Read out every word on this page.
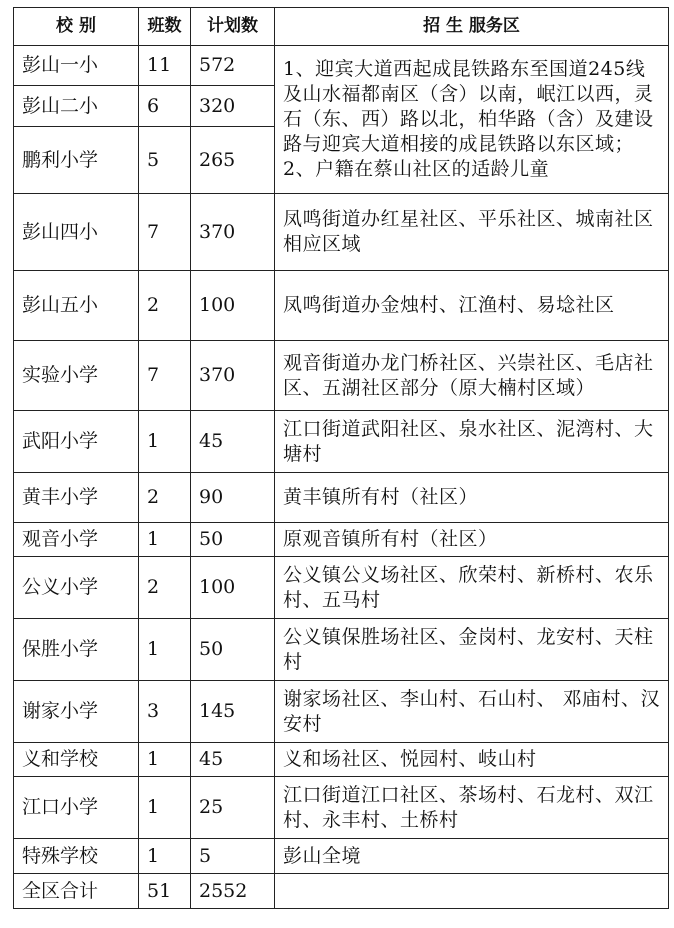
校 别	班数	计划数	招 生 服务区
彭山一小	11	572	1、迎宾大道西起成昆铁路东至国道245线及山水福都南区（含）以南，岷江以西，灵石（东、西）路以北，柏华路（含）及建设路与迎宾大道相接的成昆铁路以东区域；2、户籍在蔡山社区的适龄儿童

彭山二小	6	320	
鹏利小学	5	265	
彭山四小	7	370	凤鸣街道办红星社区、平乐社区、城南社区相应区域
彭山五小	2	100	凤鸣街道办金烛村、江渔村、易埝社区
实验小学	7	370	观音街道办龙门桥社区、兴崇社区、毛店社区、五湖社区部分（原大楠村区域）
武阳小学	1	45	江口街道武阳社区、泉水社区、泥湾村、大塘村
黄丰小学	2	90	黄丰镇所有村（社区）
观音小学	1	50	原观音镇所有村（社区）
公义小学	2	100	公义镇公义场社区、欣荣村、新桥村、农乐村、五马村
保胜小学	1	50	公义镇保胜场社区、金岗村、龙安村、天柱村
谢家小学	3	145	谢家场社区、李山村、石山村、 邓庙村、汉安村
义和学校	1	45	义和场社区、悦园村、岐山村
江口小学	1	25	江口街道江口社区、茶场村、石龙村、双江村、永丰村、土桥村
特殊学校	1	5	彭山全境
全区合计	51	2552	
